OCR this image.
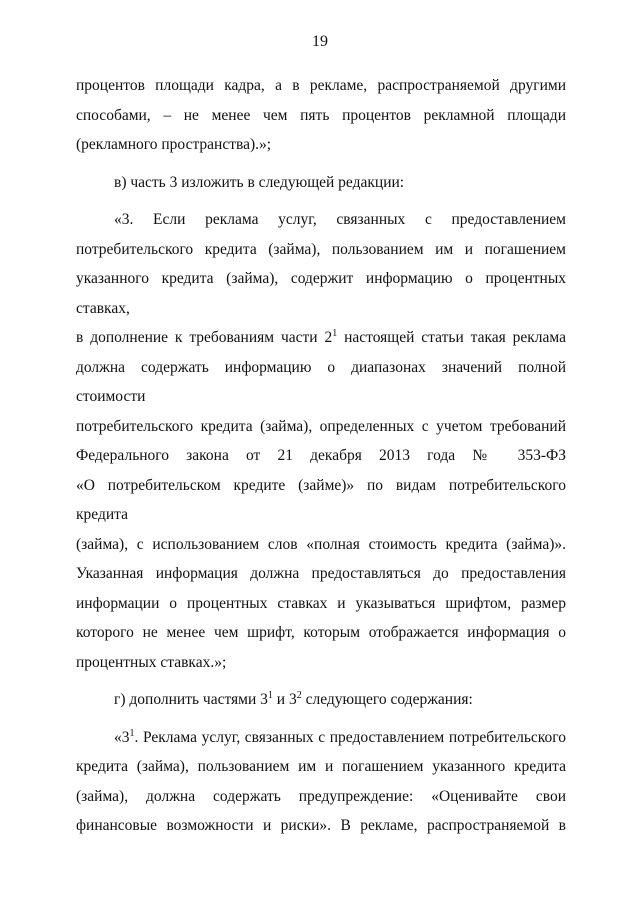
19
процентов площади кадра, а в рекламе, распространяемой другими
способами, – не менее чем пять процентов рекламной площади
(рекламного пространства).»;
в) часть 3 изложить в следующей редакции:
«3. Если реклама услуг, связанных с предоставлением
потребительского кредита (займа), пользованием им и погашением
указанного кредита (займа), содержит информацию о процентных ставках,
в дополнение к требованиям части $2^1$ настоящей статьи такая реклама
должна содержать информацию о диапазонах значений полной стоимости
потребительского кредита (займа), определенных с учетом требований
Федерального закона от 21 декабря 2013 года № 353-ФЗ
«О потребительском кредите (займе)» по видам потребительского кредита
(займа), с использованием слов «полная стоимость кредита (займа)».
Указанная информация должна предоставляться до предоставления
информации о процентных ставках и указываться шрифтом, размер
которого не менее чем шрифт, которым отображается информация о
процентных ставках.»;
г) дополнить частями $3^1$ и $3^2$ следующего содержания:
«$3^1$. Реклама услуг, связанных с предоставлением потребительского
кредита (займа), пользованием им и погашением указанного кредита
(займа), должна содержать предупреждение: «Оценивайте свои
финансовые возможности и риски». В рекламе, распространяемой в
